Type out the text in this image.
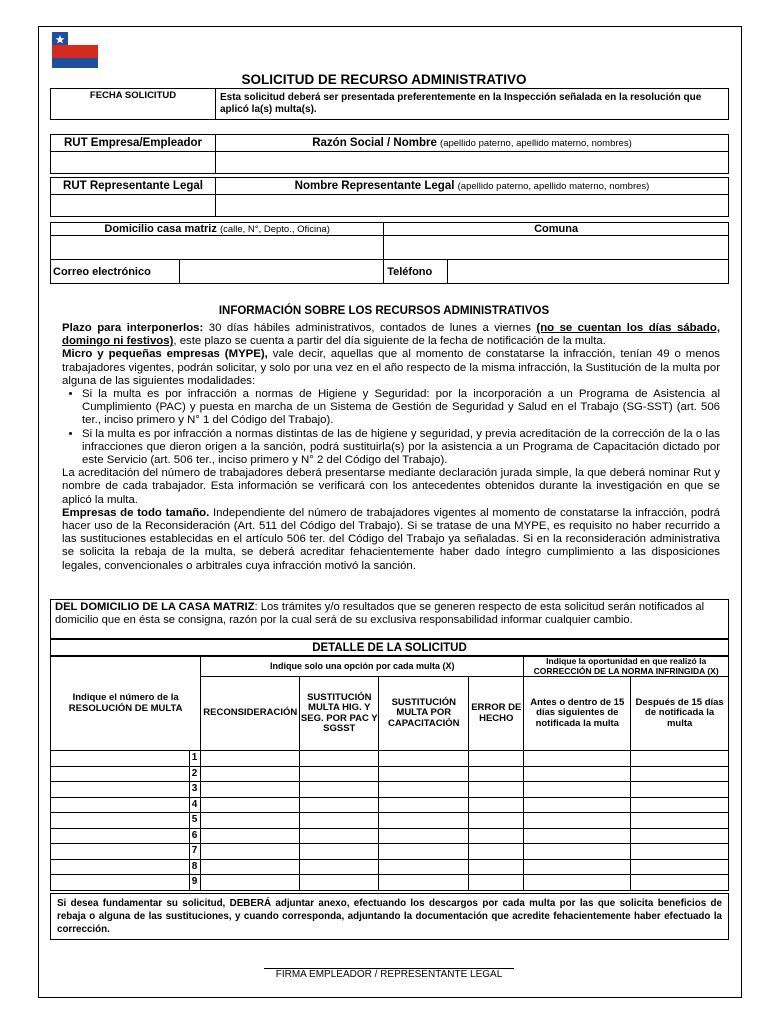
SOLICITUD DE RECURSO ADMINISTRATIVO
FECHA SOLICITUD	Esta solicitud deberá ser presentada preferentemente en la Inspección señalada en la resolución que aplicó la(s) multa(s).
RUT Empresa/Empleador	Razón Social / Nombre (apellido paterno, apellido materno, nombres)

RUT Representante Legal	Nombre Representante Legal (apellido paterno, apellido materno, nombres)

Domicilio casa matriz (calle, N°, Depto., Oficina)		Comuna	

Correo electrónico		Teléfono	
INFORMACIÓN SOBRE LOS RECURSOS ADMINISTRATIVOS

Plazo para interponerlos: 30 días hábiles administrativos, contados de lunes a viernes (no se cuentan los días sábado, domingo ni festivos), este plazo se cuenta a partir del día siguiente de la fecha de notificación de la multa.

Micro y pequeñas empresas (MYPE), vale decir, aquellas que al momento de constatarse la infracción, tenían 49 o menos trabajadores vigentes, podrán solicitar, y solo por una vez en el año respecto de la misma infracción, la Sustitución de la multa por alguna de las siguientes modalidades:

• Si la multa es por infracción a normas de Higiene y Seguridad: por la incorporación a un Programa de Asistencia al Cumplimiento (PAC) y puesta en marcha de un Sistema de Gestión de Seguridad y Salud en el Trabajo (SG-SST) (art. 506 ter., inciso primero y N° 1 del Código del Trabajo).
• Si la multa es por infracción a normas distintas de las de higiene y seguridad, y previa acreditación de la corrección de la o las infracciones que dieron origen a la sanción, podrá sustituirla(s) por la asistencia a un Programa de Capacitación dictado por este Servicio (art. 506 ter., inciso primero y N° 2 del Código del Trabajo).

La acreditación del número de trabajadores deberá presentarse mediante declaración jurada simple, la que deberá nominar Rut y nombre de cada trabajador. Esta información se verificará con los antecedentes obtenidos durante la investigación en que se aplicó la multa.

Empresas de todo tamaño. Independiente del número de trabajadores vigentes al momento de constatarse la infracción, podrá hacer uso de la Reconsideración (Art. 511 del Código del Trabajo). Si se tratase de una MYPE, es requisito no haber recurrido a las sustituciones establecidas en el artículo 506 ter. del Código del Trabajo ya señaladas. Si en la reconsideración administrativa se solicita la rebaja de la multa, se deberá acreditar fehacientemente haber dado íntegro cumplimiento a las disposiciones legales, convencionales o arbitrales cuya infracción motivó la sanción.

DEL DOMICILIO DE LA CASA MATRIZ: Los trámites y/o resultados que se generen respecto de esta solicitud serán notificados al domicilio que en ésta se consigna, razón por la cual será de su exclusiva responsabilidad informar cualquier cambio.
DETALLE DE LA SOLICITUD
Indique el número de la RESOLUCIÓN DE MULTA		Indique solo una opción por cada multa (X)				Indique la oportunidad en que realizó la CORRECCIÓN DE LA NORMA INFRINGIDA (X)	
		RECONSIDERACIÓN	SUSTITUCIÓN MULTA HIG. Y SEG. POR PAC Y SGSST	SUSTITUCIÓN MULTA POR CAPACITACIÓN	ERROR DE HECHO	Antes o dentro de 15 días siguientes de notificada la multa	Después de 15 días de notificada la multa
	1						
	2						
	3						
	4						
	5						
	6						
	7						
	8						
	9						
Si desea fundamentar su solicitud, DEBERÁ adjuntar anexo, efectuando los descargos por cada multa por las que solicita beneficios de rebaja o alguna de las sustituciones, y cuando corresponda, adjuntando la documentación que acredite fehacientemente haber efectuado la corrección.
FIRMA EMPLEADOR / REPRESENTANTE LEGAL
